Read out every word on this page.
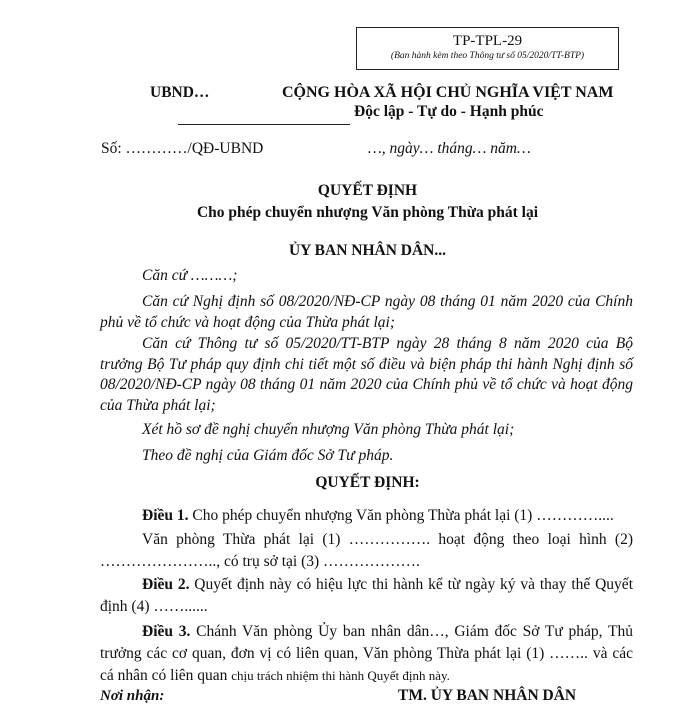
TP-TPL-29
(Ban hành kèm theo Thông tư số 05/2020/TT-BTP)
UBND…	CỘNG HÒA XÃ HỘI CHỦ NGHĨA VIỆT NAM
Độc lập - Tự do - Hạnh phúc
Số: …………/QĐ-UBND	…, ngày… tháng… năm…
QUYẾT ĐỊNH
Cho phép chuyển nhượng Văn phòng Thừa phát lại
ỦY BAN NHÂN DÂN...
Căn cứ ………;
Căn cứ Nghị định số 08/2020/NĐ-CP ngày 08 tháng 01 năm 2020 của Chính phủ về tổ chức và hoạt động của Thừa phát lại;
Căn cứ Thông tư số 05/2020/TT-BTP ngày 28 tháng 8 năm 2020 của Bộ trưởng Bộ Tư pháp quy định chi tiết một số điều và biện pháp thi hành Nghị định số 08/2020/NĐ-CP ngày 08 tháng 01 năm 2020 của Chính phủ về tổ chức và hoạt động của Thừa phát lại;
Xét hồ sơ đề nghị chuyển nhượng Văn phòng Thừa phát lại;
Theo đề nghị của Giám đốc Sở Tư pháp.
QUYẾT ĐỊNH:
Điều 1. Cho phép chuyển nhượng Văn phòng Thừa phát lại (1) …………....
Văn phòng Thừa phát lại (1) ……………. hoạt động theo loại hình (2) ………………….., có trụ sở tại (3) ……………….
Điều 2. Quyết định này có hiệu lực thi hành kể từ ngày ký và thay thế Quyết định (4) ……......
Điều 3. Chánh Văn phòng Ủy ban nhân dân…, Giám đốc Sở Tư pháp, Thủ trưởng các cơ quan, đơn vị có liên quan, Văn phòng Thừa phát lại (1) …….. và các cá nhân có liên quan chịu trách nhiệm thi hành Quyết định này.
Nơi nhận:	TM. ỦY BAN NHÂN DÂN
